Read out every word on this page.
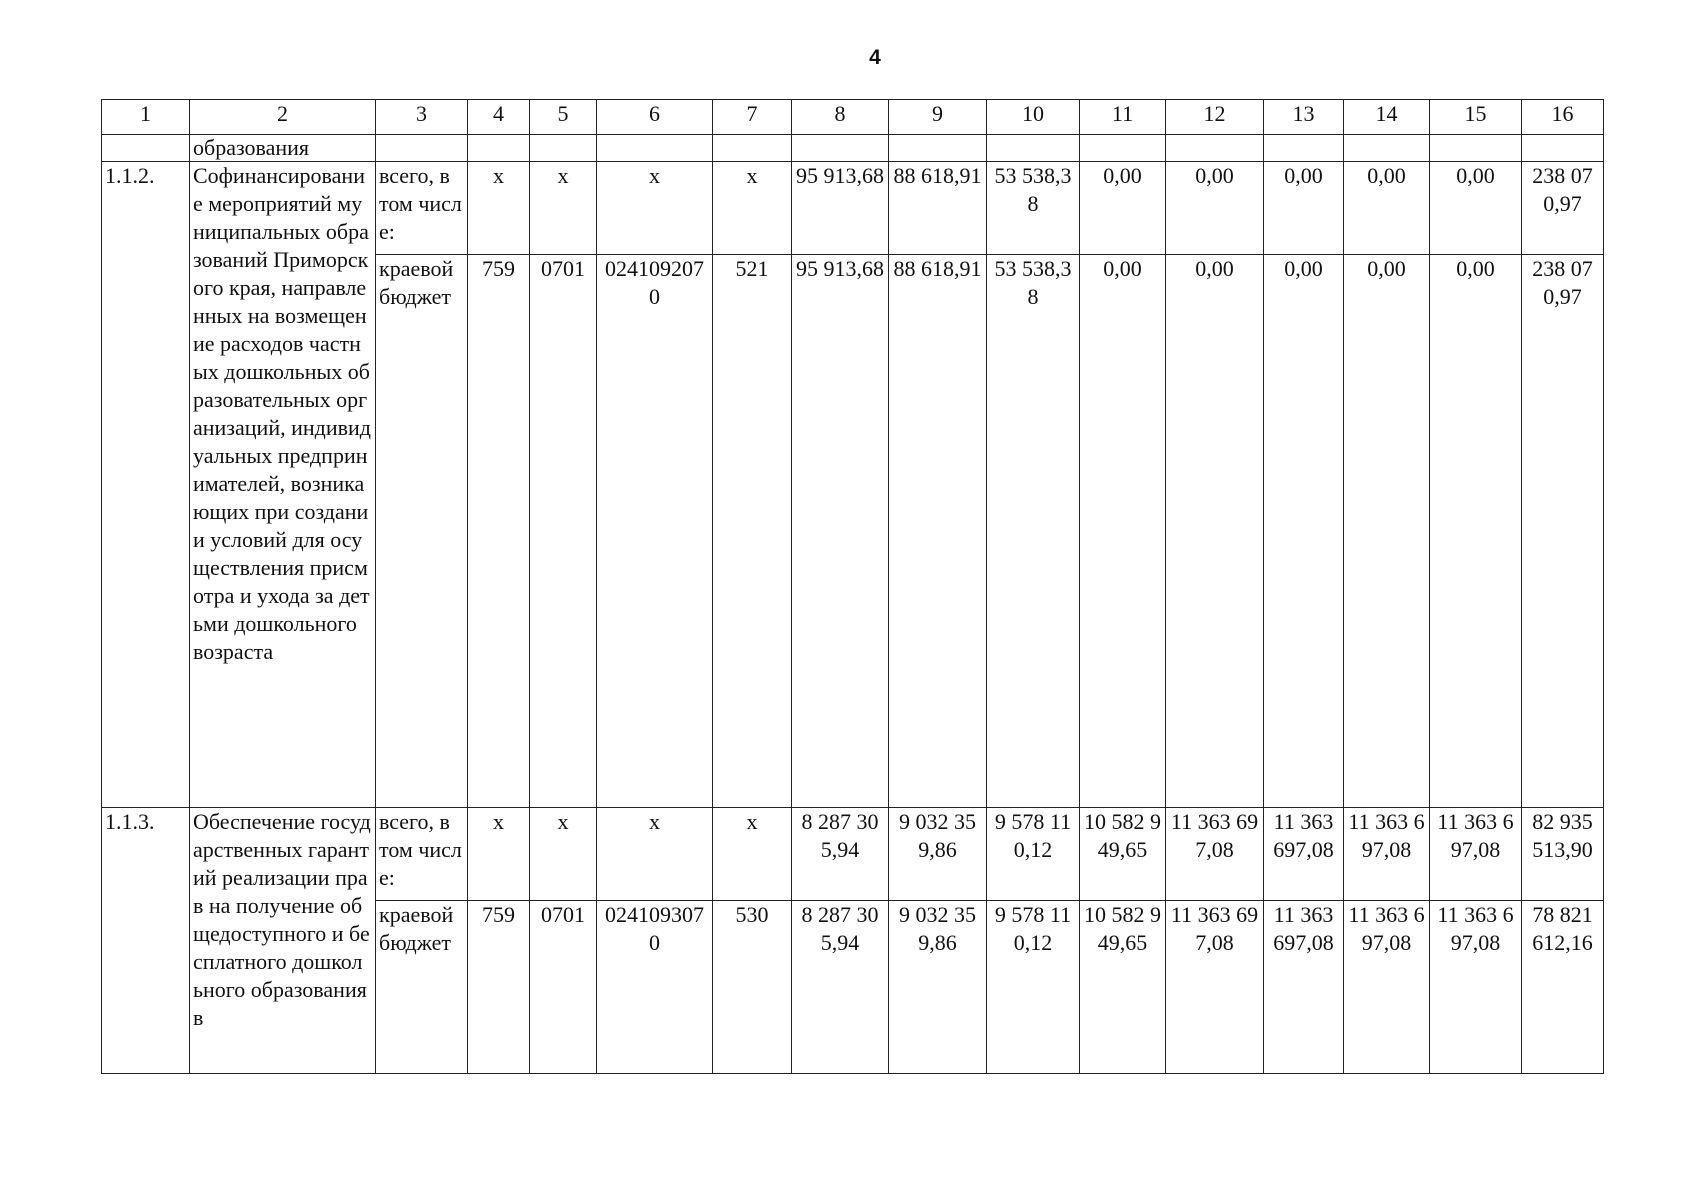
4
1	2	3	4	5	6	7	8	9	10	11	12	13	14	15	16
	образования														
1.1.2.	Софинансирование мероприятий муниципальных образований Приморского края, направленных на возмещение расходов частных дошкольных образовательных организаций, индивидуальных предпринимателей, возникающих при создании условий для осуществления присмотра и ухода за детьми дошкольного возраста	всего, в том числе:	х	х	х	х	95 913,68	88 618,91	53 538,38	0,00	0,00	0,00	0,00	0,00	238 070,97
		краевой бюджет	759	0701	0241092070	521	95 913,68	88 618,91	53 538,38	0,00	0,00	0,00	0,00	0,00	238 070,97
1.1.3.	Обеспечение государственных гарантий реализации прав на получение общедоступного и бесплатного дошкольного образования в	всего, в том числе:	х	х	х	х	8 287 305,94	9 032 359,86	9 578 110,12	10 582 949,65	11 363 697,08	11 363 697,08	11 363 697,08	11 363 697,08	82 935 513,90
		краевой бюджет	759	0701	0241093070	530	8 287 305,94	9 032 359,86	9 578 110,12	10 582 949,65	11 363 697,08	11 363 697,08	11 363 697,08	11 363 697,08	78 821 612,16
